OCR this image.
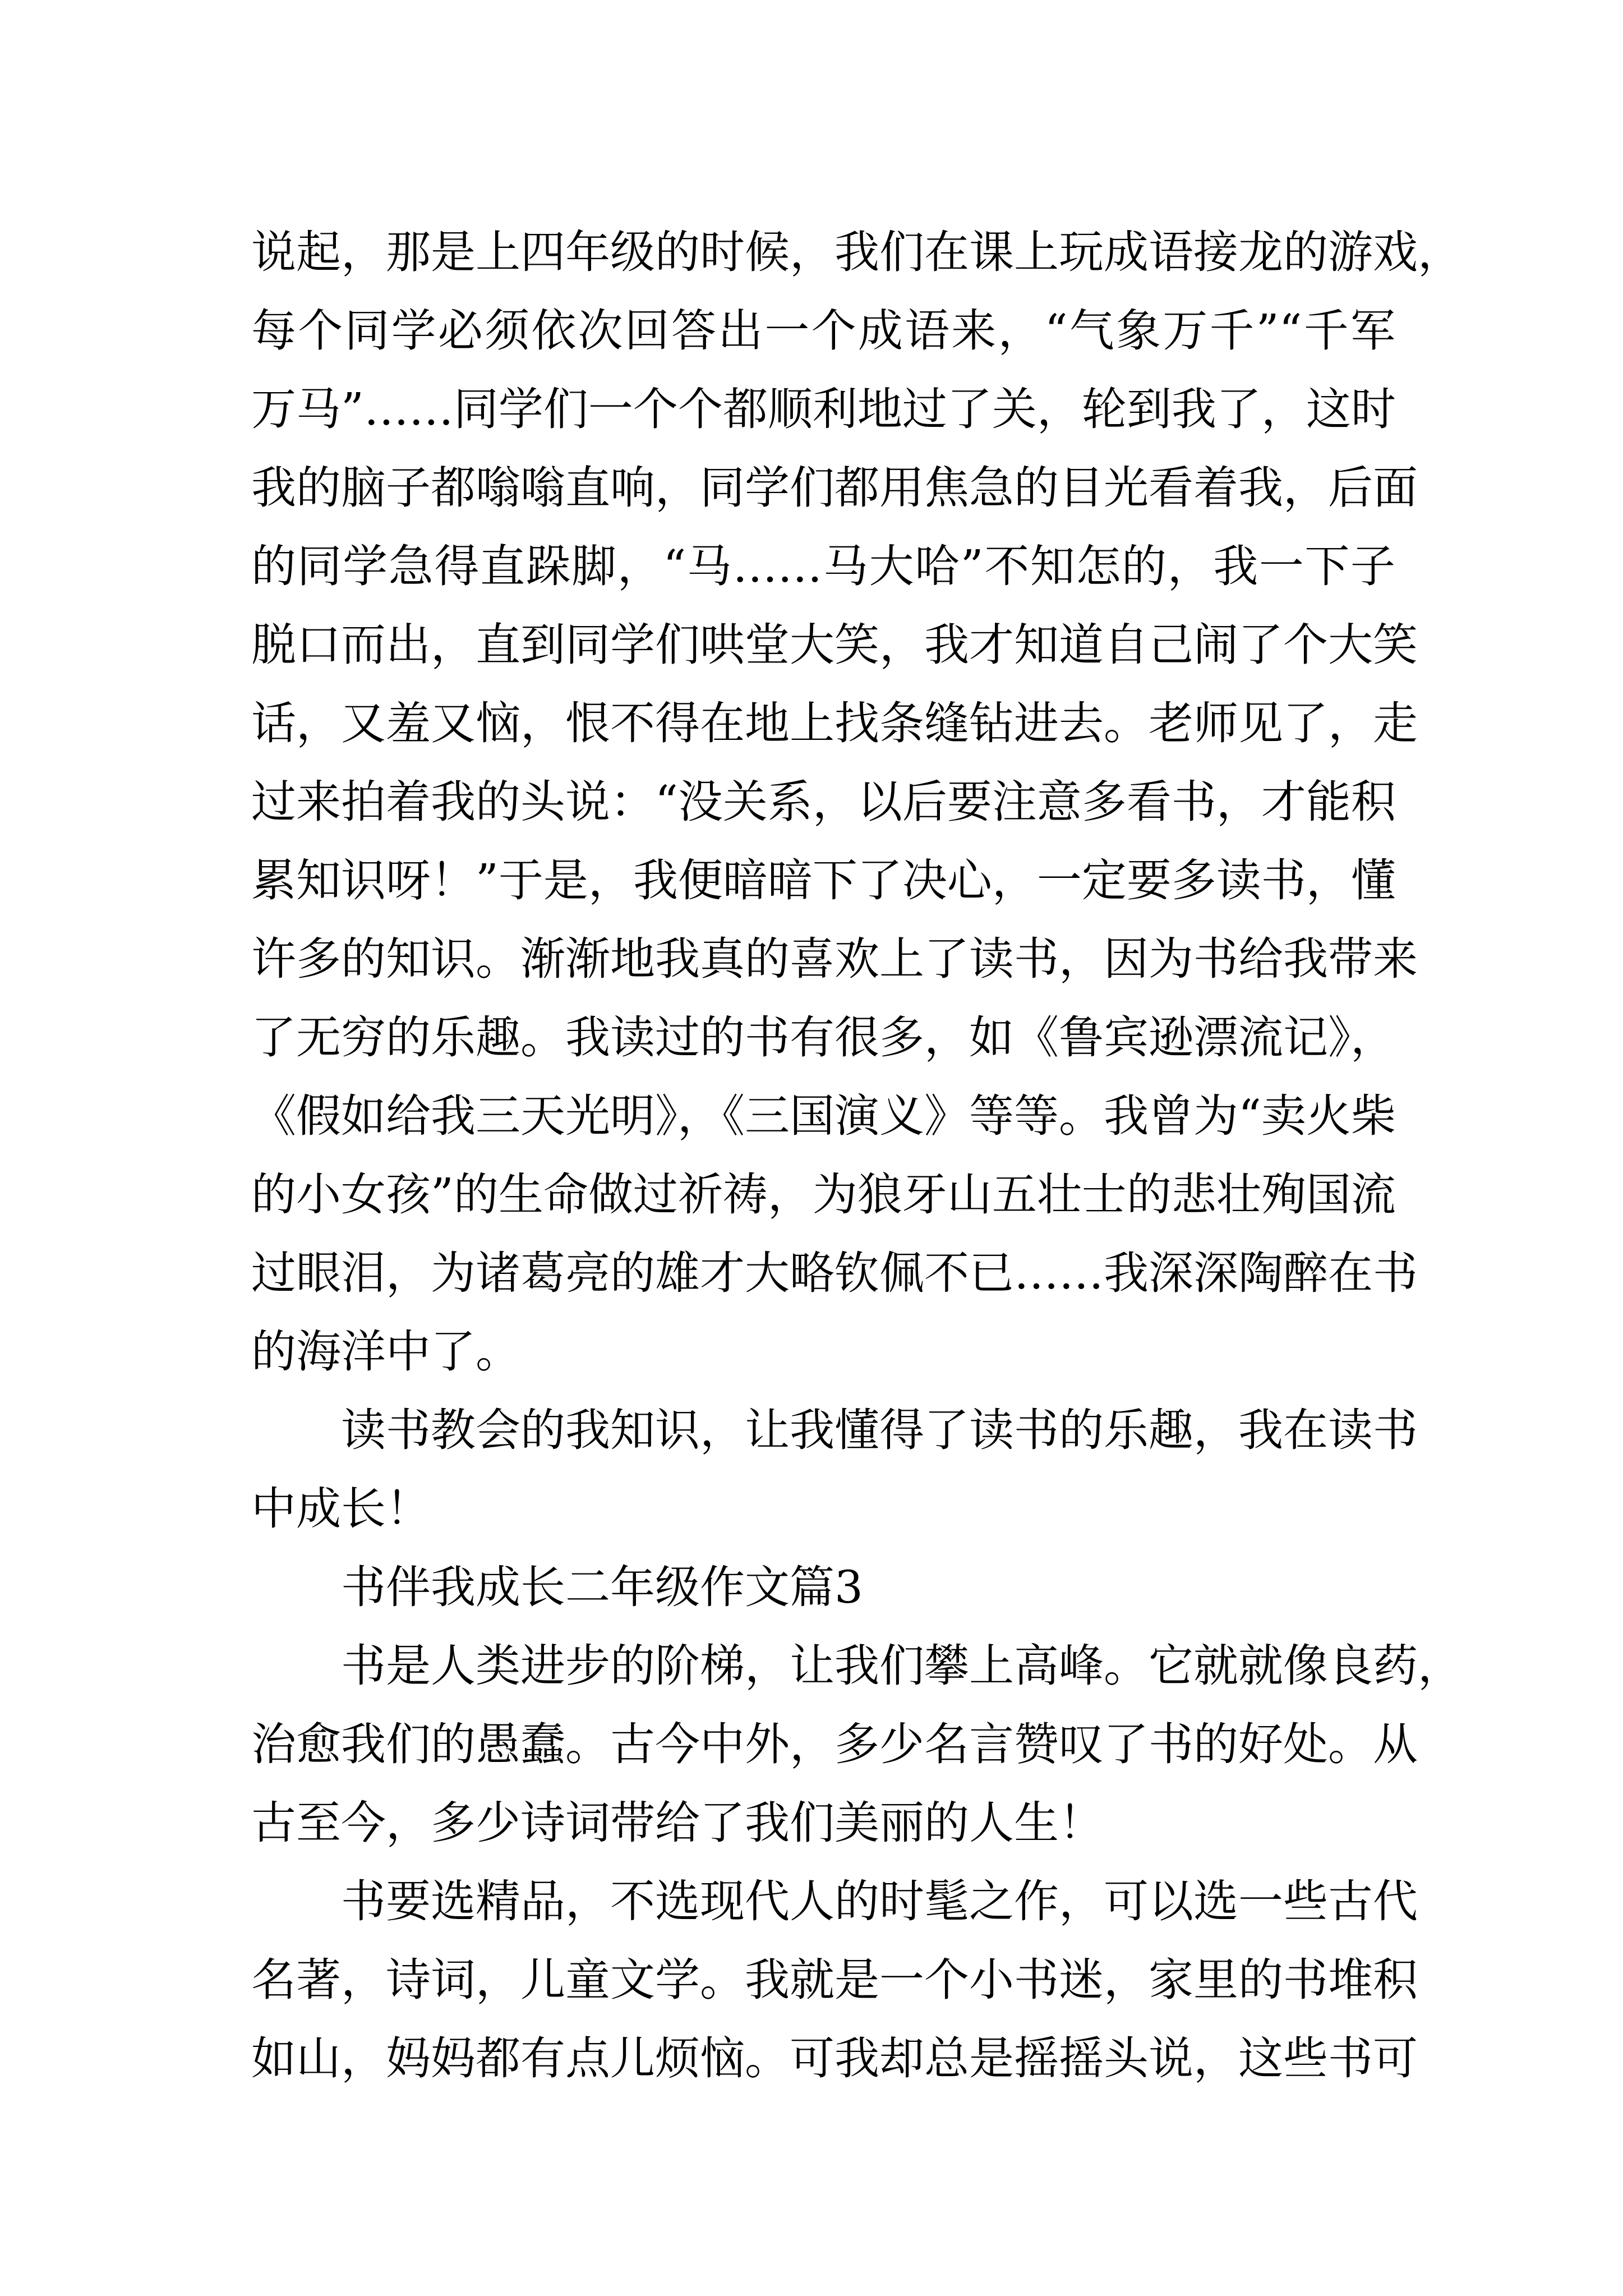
说起，那是上四年级的时候，我们在课上玩成语接龙的游戏，
每个同学必须依次回答出一个成语来，“气象万千”“千军
万马”……同学们一个个都顺利地过了关，轮到我了，这时
我的脑子都嗡嗡直响，同学们都用焦急的目光看着我，后面
的同学急得直跺脚，“马……马大哈”不知怎的，我一下子
脱口而出，直到同学们哄堂大笑，我才知道自己闹了个大笑
话，又羞又恼，恨不得在地上找条缝钻进去。老师见了，走
过来拍着我的头说：“没关系，以后要注意多看书，才能积
累知识呀！”于是，我便暗暗下了决心，一定要多读书，懂
许多的知识。渐渐地我真的喜欢上了读书，因为书给我带来
了无穷的乐趣。我读过的书有很多，如《鲁宾逊漂流记》，
《假如给我三天光明》，《三国演义》等等。我曾为“卖火柴
的小女孩”的生命做过祈祷，为狼牙山五壮士的悲壮殉国流
过眼泪，为诸葛亮的雄才大略钦佩不已……我深深陶醉在书
的海洋中了。
读书教会的我知识，让我懂得了读书的乐趣，我在读书
中成长！
书伴我成长二年级作文篇3
书是人类进步的阶梯，让我们攀上高峰。它就就像良药，
治愈我们的愚蠢。古今中外，多少名言赞叹了书的好处。从
古至今，多少诗词带给了我们美丽的人生！
书要选精品，不选现代人的时髦之作，可以选一些古代
名著，诗词，儿童文学。我就是一个小书迷，家里的书堆积
如山，妈妈都有点儿烦恼。可我却总是摇摇头说，这些书可
